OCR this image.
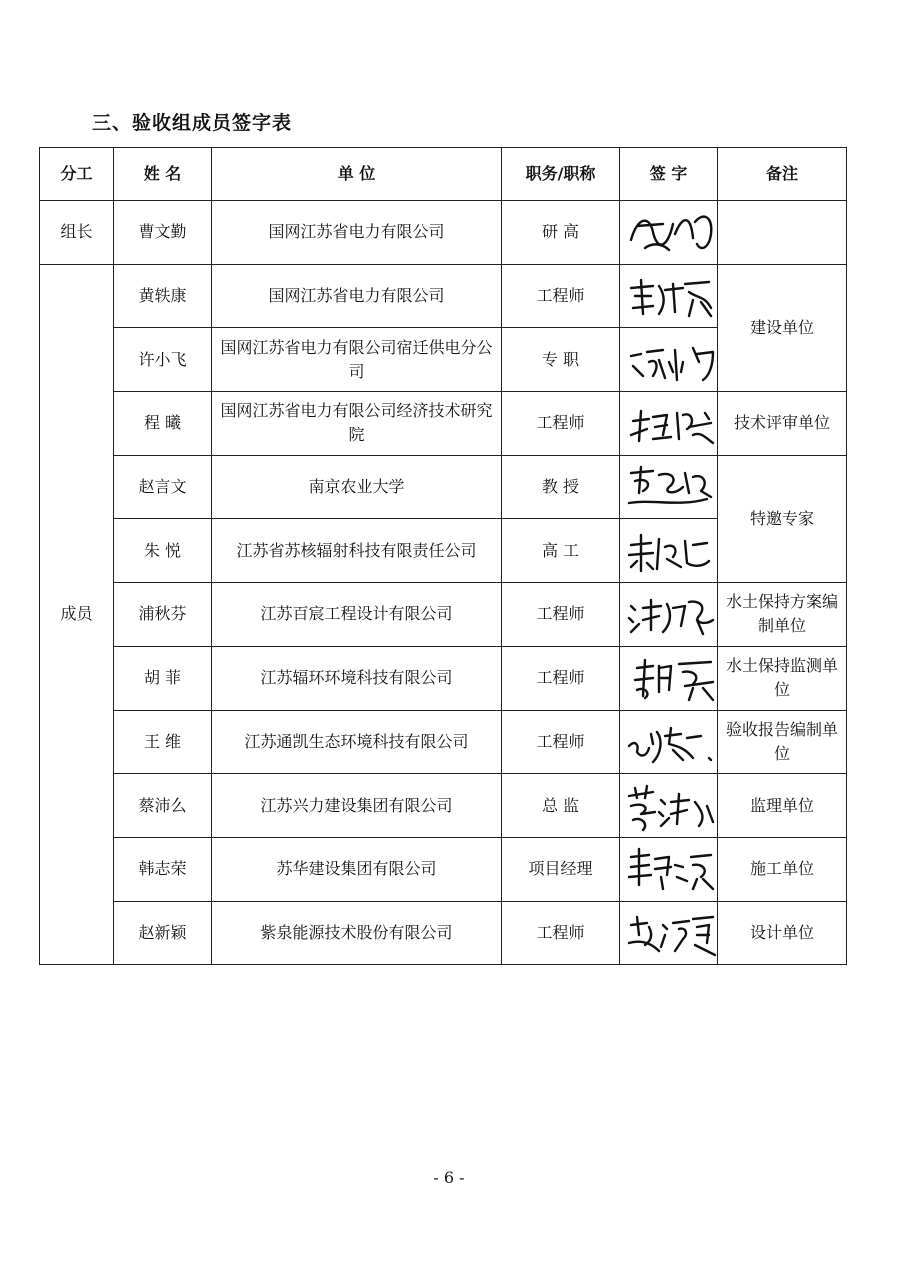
三、验收组成员签字表
分工	姓 名	单 位	职务/职称	签 字	备注
组长	曹文勤	国网江苏省电力有限公司	研 高	

成员	黄轶康	国网江苏省电力有限公司	工程师		建设单位
	许小飞	国网江苏省电力有限公司宿迁供电分公司	专 职	

	程 曦	国网江苏省电力有限公司经济技术研究院	工程师		技术评审单位
	赵言文	南京农业大学	教 授		特邀专家
	朱 悦	江苏省苏核辐射科技有限责任公司	高 工	

	浦秋芬	江苏百宸工程设计有限公司	工程师		水土保持方案编制单位
	胡 菲	江苏辐环环境科技有限公司	工程师		水土保持监测单位
	王 维	江苏通凯生态环境科技有限公司	工程师		验收报告编制单位
	蔡沛么	江苏兴力建设集团有限公司	总 监		监理单位
	韩志荣	苏华建设集团有限公司	项目经理		施工单位
	赵新颖	紫泉能源技术股份有限公司	工程师		设计单位
- 6 -
